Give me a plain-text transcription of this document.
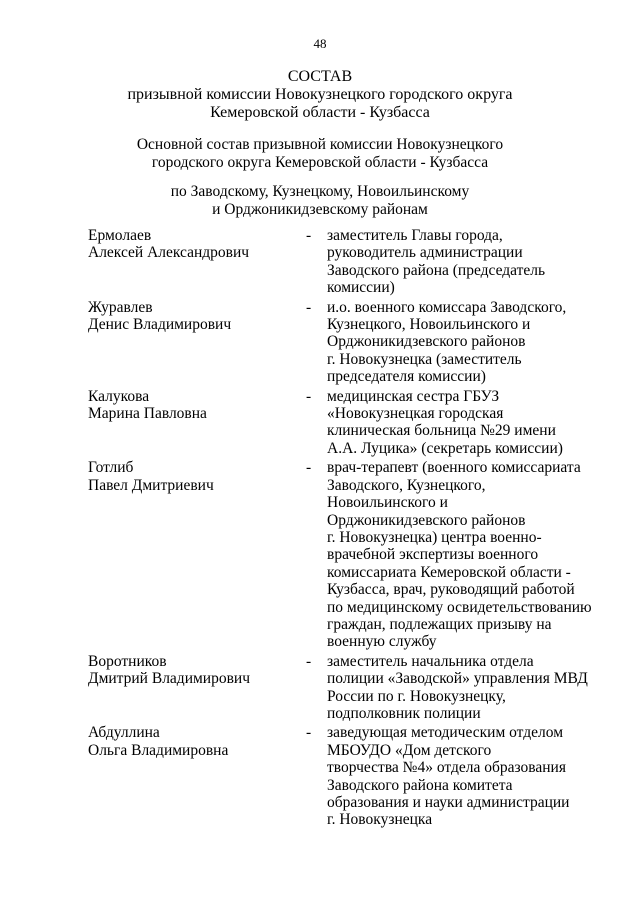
48
СОСТАВ
призывной комиссии Новокузнецкого городского округа
Кемеровской области - Кузбасса
Основной состав призывной комиссии Новокузнецкого
городского округа Кемеровской области - Кузбасса
по Заводскому, Кузнецкому, Новоильинскому
и Орджоникидзевскому районам
Ермолаев
Алексей Александрович
-	заместитель Главы города,
руководитель администрации
Заводского района (председатель
комиссии)
Журавлев
Денис Владимирович
-	и.о. военного комиссара Заводского,
Кузнецкого, Новоильинского и
Орджоникидзевского районов
г. Новокузнецка (заместитель
председателя комиссии)
Калукова
Марина Павловна
-	медицинская сестра ГБУЗ
«Новокузнецкая городская
клиническая больница №29 имени
А.А. Луцика» (секретарь комиссии)
Готлиб
Павел Дмитриевич
-	врач-терапевт (военного комиссариата
Заводского, Кузнецкого,
Новоильинского и
Орджоникидзевского районов
г. Новокузнецка) центра военно-
врачебной экспертизы военного
комиссариата Кемеровской области -
Кузбасса, врач, руководящий работой
по медицинскому освидетельствованию
граждан, подлежащих призыву на
военную службу
Воротников
Дмитрий Владимирович
-	заместитель начальника отдела
полиции «Заводской» управления МВД
России по г. Новокузнецку,
подполковник полиции
Абдуллина
Ольга Владимировна
-	заведующая методическим отделом
МБОУДО «Дом детского
творчества №4» отдела образования
Заводского района комитета
образования и науки администрации
г. Новокузнецка
